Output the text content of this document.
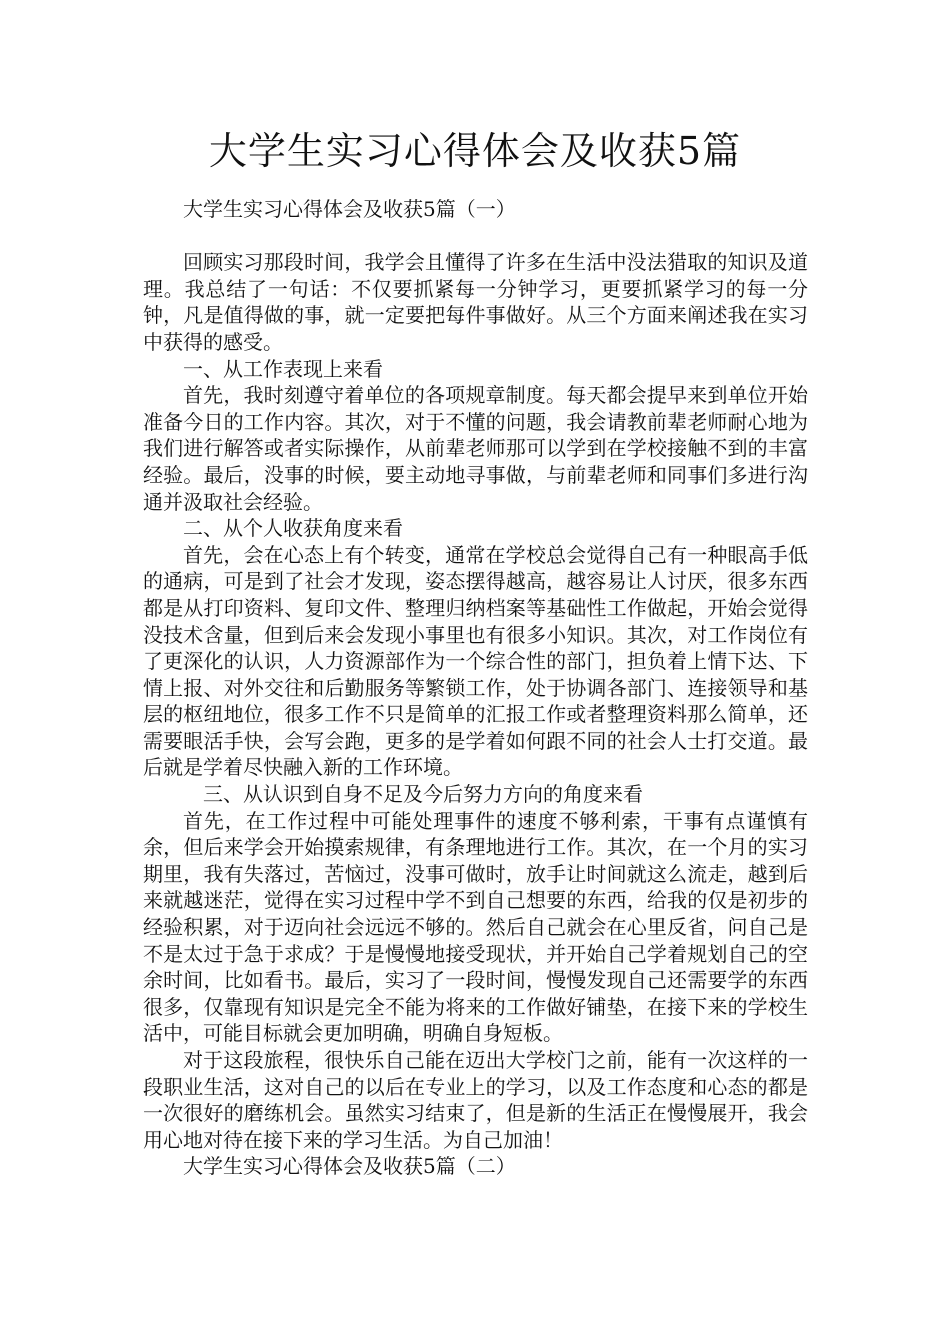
大学生实习心得体会及收获5篇

大学生实习心得体会及收获5篇（一）

回顾实习那段时间，我学会且懂得了许多在生活中没法猎取的知识及道理。我总结了一句话：不仅要抓紧每一分钟学习，更要抓紧学习的每一分钟，凡是值得做的事，就一定要把每件事做好。从三个方面来阐述我在实习中获得的感受。

一、从工作表现上来看

首先，我时刻遵守着单位的各项规章制度。每天都会提早来到单位开始准备今日的工作内容。其次，对于不懂的问题，我会请教前辈老师耐心地为我们进行解答或者实际操作，从前辈老师那可以学到在学校接触不到的丰富经验。最后，没事的时候，要主动地寻事做，与前辈老师和同事们多进行沟通并汲取社会经验。

二、从个人收获角度来看

首先，会在心态上有个转变，通常在学校总会觉得自己有一种眼高手低的通病，可是到了社会才发现，姿态摆得越高，越容易让人讨厌，很多东西都是从打印资料、复印文件、整理归纳档案等基础性工作做起，开始会觉得没技术含量，但到后来会发现小事里也有很多小知识。其次，对工作岗位有了更深化的认识，人力资源部作为一个综合性的部门，担负着上情下达、下情上报、对外交往和后勤服务等繁锁工作，处于协调各部门、连接领导和基层的枢纽地位，很多工作不只是简单的汇报工作或者整理资料那么简单，还需要眼活手快，会写会跑，更多的是学着如何跟不同的社会人士打交道。最后就是学着尽快融入新的工作环境。

三、从认识到自身不足及今后努力方向的角度来看

首先，在工作过程中可能处理事件的速度不够利索，干事有点谨慎有余，但后来学会开始摸索规律，有条理地进行工作。其次，在一个月的实习期里，我有失落过，苦恼过，没事可做时，放手让时间就这么流走，越到后来就越迷茫，觉得在实习过程中学不到自己想要的东西，给我的仅是初步的经验积累，对于迈向社会远远不够的。然后自己就会在心里反省，问自己是不是太过于急于求成？于是慢慢地接受现状，并开始自己学着规划自己的空余时间，比如看书。最后，实习了一段时间，慢慢发现自己还需要学的东西很多，仅靠现有知识是完全不能为将来的工作做好铺垫，在接下来的学校生活中，可能目标就会更加明确，明确自身短板。

对于这段旅程，很快乐自己能在迈出大学校门之前，能有一次这样的一段职业生活，这对自己的以后在专业上的学习，以及工作态度和心态的都是一次很好的磨练机会。虽然实习结束了，但是新的生活正在慢慢展开，我会用心地对待在接下来的学习生活。为自己加油！

大学生实习心得体会及收获5篇（二）
